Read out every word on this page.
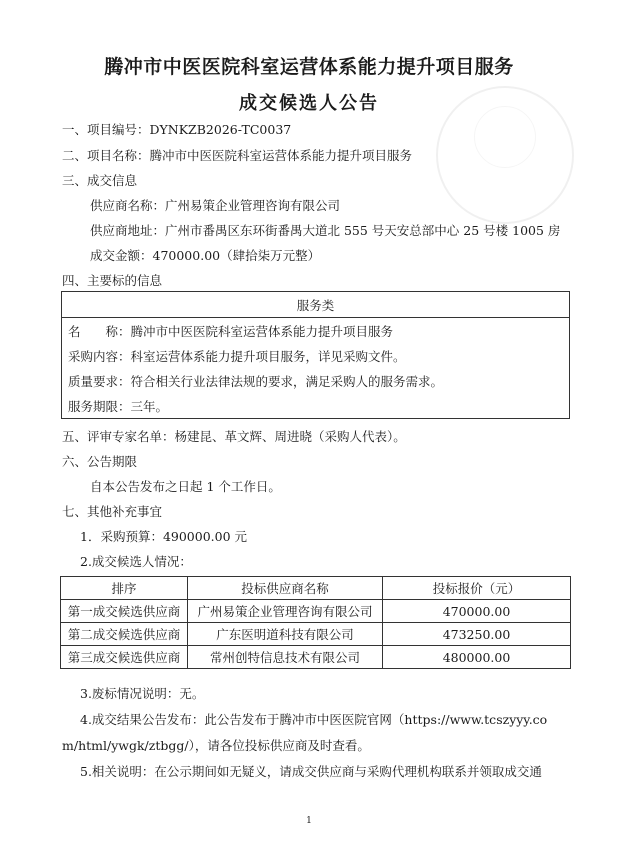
腾冲市中医医院科室运营体系能力提升项目服务
成交候选人公告
一、项目编号：DYNKZB2026-TC0037
二、项目名称：腾冲市中医医院科室运营体系能力提升项目服务
三、成交信息
供应商名称：广州易策企业管理咨询有限公司
供应商地址：广州市番禺区东环街番禺大道北 555 号天安总部中心 25 号楼 1005 房
成交金额：470000.00（肆拾柒万元整）
四、主要标的信息
服务类
名　　称：腾冲市中医医院科室运营体系能力提升项目服务
采购内容：科室运营体系能力提升项目服务，详见采购文件。
质量要求：符合相关行业法律法规的要求，满足采购人的服务需求。
服务期限：三年。
五、评审专家名单：杨建昆、革文辉、周进晓（采购人代表）。
六、公告期限
自本公告发布之日起 1 个工作日。
七、其他补充事宜
1．采购预算：490000.00 元
2.成交候选人情况：
排序	投标供应商名称	投标报价（元）
第一成交候选供应商	广州易策企业管理咨询有限公司	470000.00
第二成交候选供应商	广东医明道科技有限公司	473250.00
第三成交候选供应商	常州创特信息技术有限公司	480000.00
3.废标情况说明：无。
4.成交结果公告发布：此公告发布于腾冲市中医医院官网（https://www.tcszyyy.co
m/html/ywgk/ztbgg/），请各位投标供应商及时查看。
5.相关说明：在公示期间如无疑义，请成交供应商与采购代理机构联系并领取成交通
1
